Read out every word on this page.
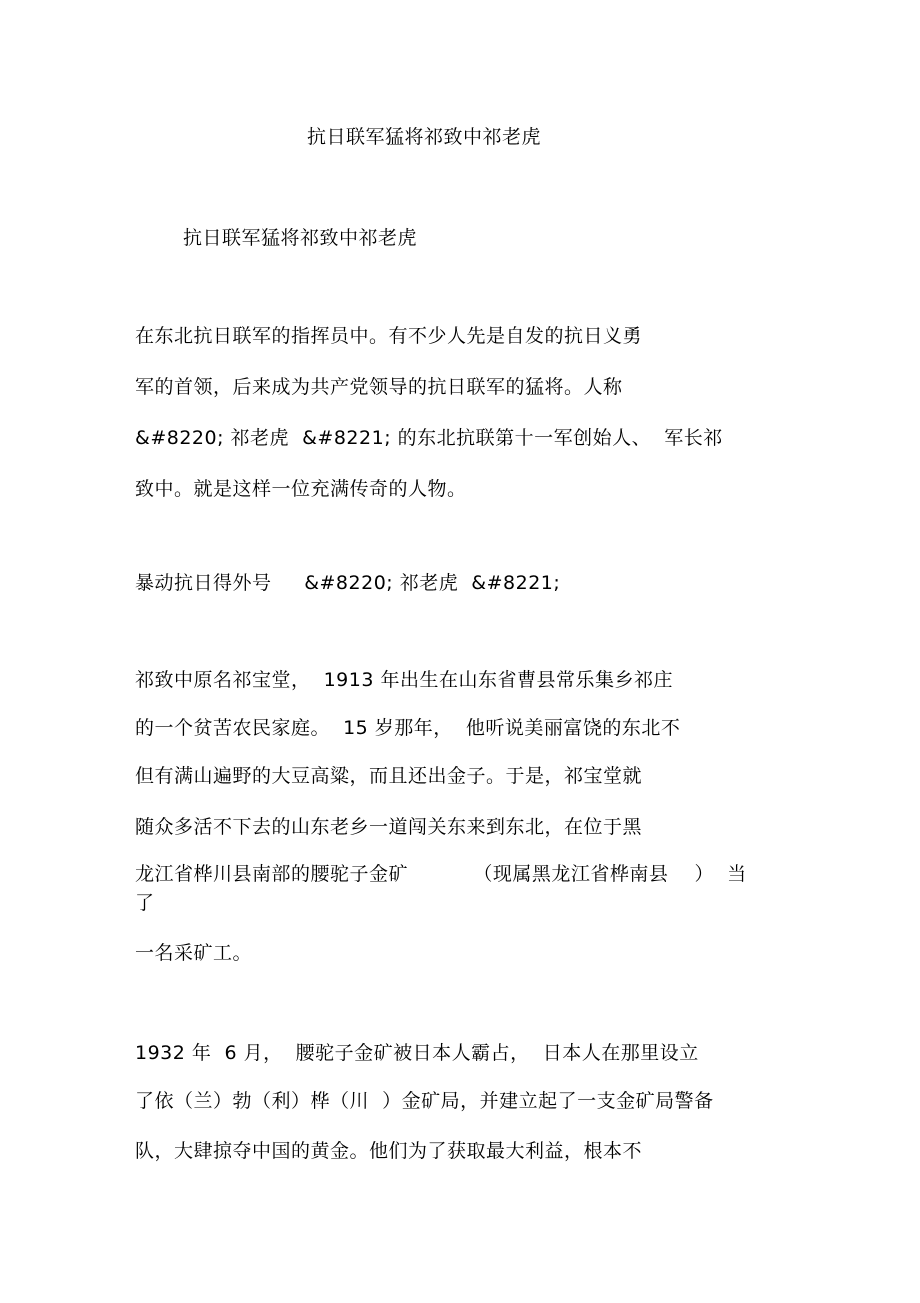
抗日联军猛将祁致中祁老虎
抗日联军猛将祁致中祁老虎
在东北抗日联军的指挥员中。有不少人先是自发的抗日义勇
军的首领，后来成为共产党领导的抗日联军的猛将。人称
&#8220; 祁老虎  &#8221; 的东北抗联第十一军创始人、  军长祁
致中。就是这样一位充满传奇的人物。
暴动抗日得外号     &#8220; 祁老虎  &#8221;
祁致中原名祁宝堂，  1913 年出生在山东省曹县常乐集乡祁庄
的一个贫苦农民家庭。  15 岁那年，  他听说美丽富饶的东北不
但有满山遍野的大豆高粱，而且还出金子。于是，祁宝堂就
随众多活不下去的山东老乡一道闯关东来到东北，在位于黑
龙江省桦川县南部的腰驼子金矿          （现属黑龙江省桦南县    ）  当
了
一名采矿工。
1932 年  6 月，  腰驼子金矿被日本人霸占，  日本人在那里设立
了依（兰）勃（利）桦（川  ）金矿局，并建立起了一支金矿局警备
队，大肆掠夺中国的黄金。他们为了获取最大利益，根本不
